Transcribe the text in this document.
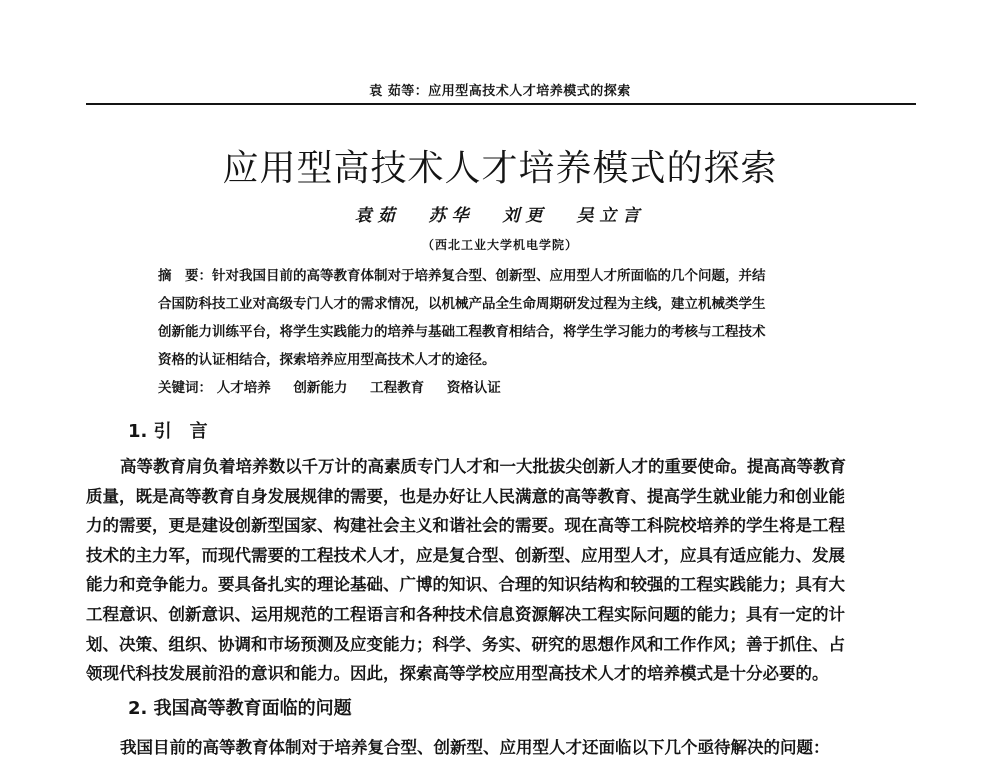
袁 茹等：应用型高技术人才培养模式的探索
应用型高技术人才培养模式的探索
袁茹 苏华 刘更 吴立言
（西北工业大学机电学院）
摘　要：针对我国目前的高等教育体制对于培养复合型、创新型、应用型人才所面临的几个问题，并结
合国防科技工业对高级专门人才的需求情况，以机械产品全生命周期研发过程为主线，建立机械类学生
创新能力训练平台，将学生实践能力的培养与基础工程教育相结合，将学生学习能力的考核与工程技术
资格的认证相结合，探索培养应用型高技术人才的途径。
关键词： 人才培养 创新能力 工程教育 资格认证
1. 引　言
高等教育肩负着培养数以千万计的高素质专门人才和一大批拔尖创新人才的重要使命。提高高等教育
质量，既是高等教育自身发展规律的需要，也是办好让人民满意的高等教育、提高学生就业能力和创业能
力的需要，更是建设创新型国家、构建社会主义和谐社会的需要。现在高等工科院校培养的学生将是工程
技术的主力军，而现代需要的工程技术人才，应是复合型、创新型、应用型人才，应具有适应能力、发展
能力和竞争能力。要具备扎实的理论基础、广博的知识、合理的知识结构和较强的工程实践能力；具有大
工程意识、创新意识、运用规范的工程语言和各种技术信息资源解决工程实际问题的能力；具有一定的计
划、决策、组织、协调和市场预测及应变能力；科学、务实、研究的思想作风和工作作风；善于抓住、占
领现代科技发展前沿的意识和能力。因此，探索高等学校应用型高技术人才的培养模式是十分必要的。
2. 我国高等教育面临的问题
我国目前的高等教育体制对于培养复合型、创新型、应用型人才还面临以下几个亟待解决的问题：
